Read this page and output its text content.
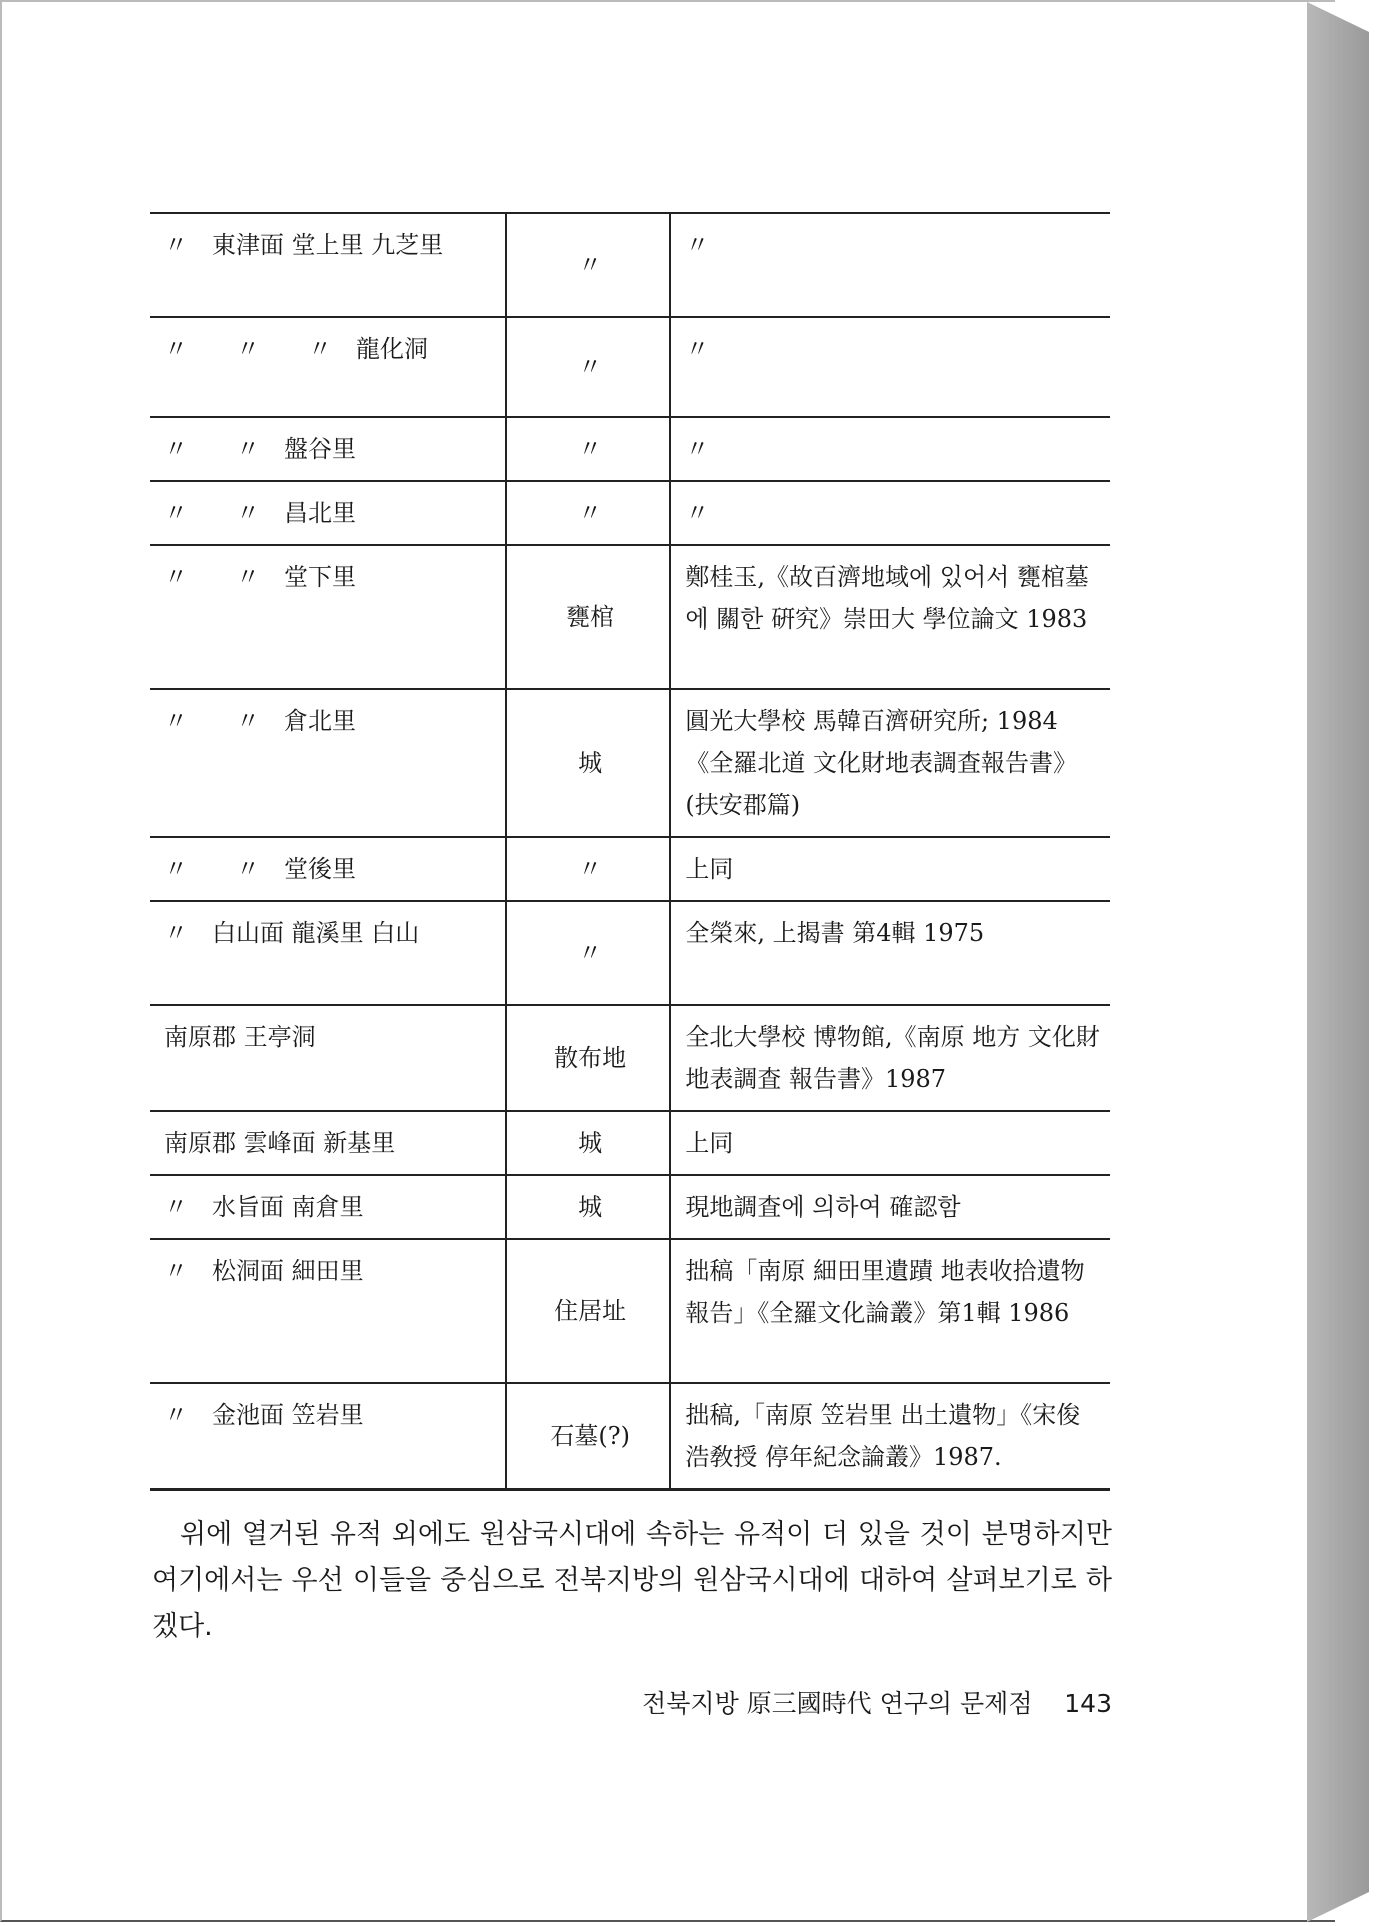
〃　東津面 堂上里 九芝里	〃	〃
〃　　〃　　〃　龍化洞	〃	〃
〃　　〃　盤谷里	〃	〃
〃　　〃　昌北里	〃	〃
〃　　〃　堂下里	甕棺	鄭桂玉,《故百濟地域에 있어서 甕棺墓에 關한 硏究》崇田大 學位論文 1983
〃　　〃　倉北里	城	圓光大學校 馬韓百濟研究所; 1984《全羅北道 文化財地表調査報告書》(扶安郡篇)
〃　　〃　堂後里	〃	上同
〃　白山面 龍溪里 白山	〃	全榮來, 上揭書 第4輯 1975
南原郡 王亭洞	散布地	全北大學校 博物館,《南原 地方 文化財 地表調査 報告書》1987
南原郡 雲峰面 新基里	城	上同
〃　水旨面 南倉里	城	現地調査에 의하여 確認함
〃　松洞面 細田里	住居址	拙稿「南原 細田里遺蹟 地表收拾遺物報告」《全羅文化論叢》第1輯 1986
〃　金池面 笠岩里	石墓(?)	拙稿,「南原 笠岩里 出土遺物」《宋俊浩敎授 停年紀念論叢》1987.
위에 열거된 유적 외에도 원삼국시대에 속하는 유적이 더 있을 것이 분명하지만 여기에서는 우선 이들을 중심으로 전북지방의 원삼국시대에 대하여 살펴보기로 하겠다.
전북지방 原三國時代 연구의 문제점 143
